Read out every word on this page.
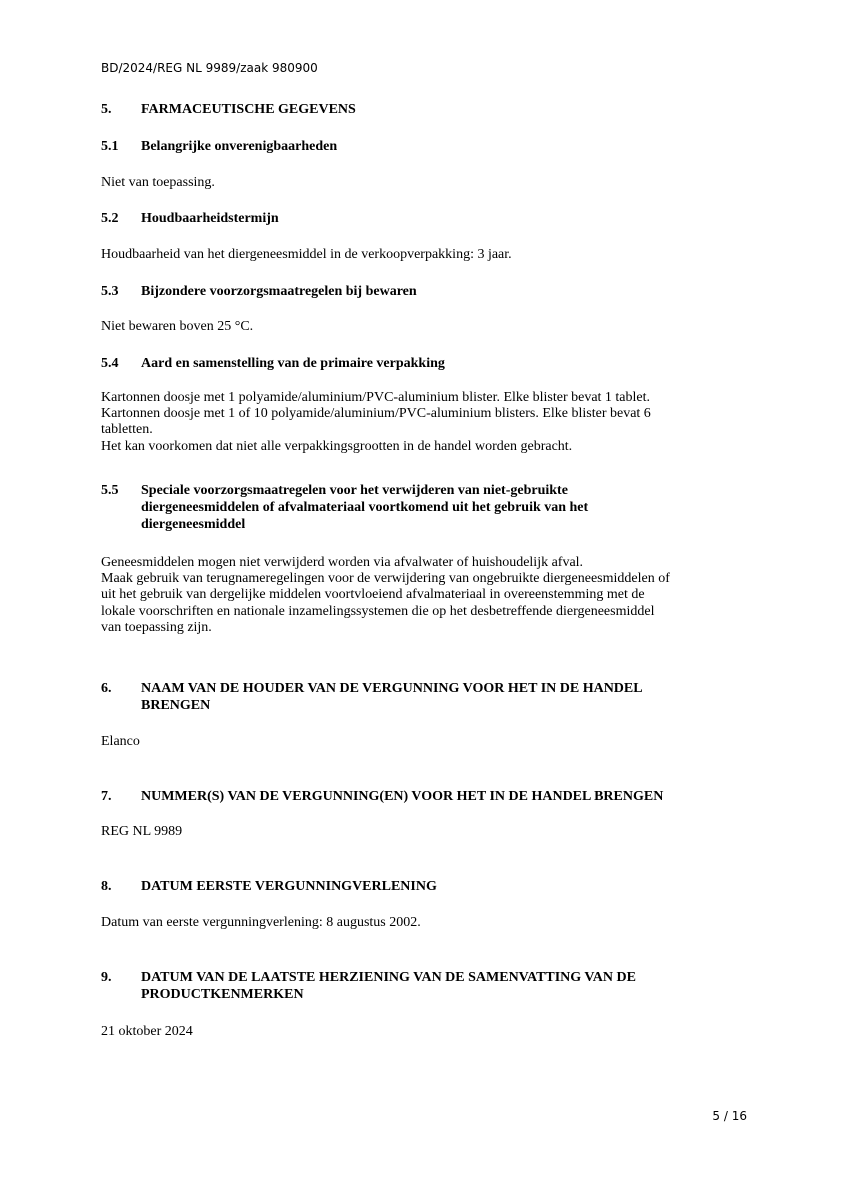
BD/2024/REG NL 9989/zaak 980900
5.	FARMACEUTISCHE GEGEVENS
5.1	Belangrijke onverenigbaarheden
Niet van toepassing.
5.2	Houdbaarheidstermijn
Houdbaarheid van het diergeneesmiddel in de verkoopverpakking: 3 jaar.
5.3	Bijzondere voorzorgsmaatregelen bij bewaren
Niet bewaren boven 25 °C.
5.4	Aard en samenstelling van de primaire verpakking
Kartonnen doosje met 1 polyamide/aluminium/PVC-aluminium blister. Elke blister bevat 1 tablet.
Kartonnen doosje met 1 of 10 polyamide/aluminium/PVC-aluminium blisters. Elke blister bevat 6
tabletten.
Het kan voorkomen dat niet alle verpakkingsgrootten in de handel worden gebracht.
5.5	Speciale voorzorgsmaatregelen voor het verwijderen van niet-gebruikte
diergeneesmiddelen of afvalmateriaal voortkomend uit het gebruik van het
diergeneesmiddel
Geneesmiddelen mogen niet verwijderd worden via afvalwater of huishoudelijk afval.
Maak gebruik van terugnameregelingen voor de verwijdering van ongebruikte diergeneesmiddelen of
uit het gebruik van dergelijke middelen voortvloeiend afvalmateriaal in overeenstemming met de
lokale voorschriften en nationale inzamelingssystemen die op het desbetreffende diergeneesmiddel
van toepassing zijn.
6.	NAAM VAN DE HOUDER VAN DE VERGUNNING VOOR HET IN DE HANDEL
BRENGEN
Elanco
7.	NUMMER(S) VAN DE VERGUNNING(EN) VOOR HET IN DE HANDEL BRENGEN
REG NL 9989
8.	DATUM EERSTE VERGUNNINGVERLENING
Datum van eerste vergunningverlening: 8 augustus 2002.
9.	DATUM VAN DE LAATSTE HERZIENING VAN DE SAMENVATTING VAN DE
PRODUCTKENMERKEN
21 oktober 2024
5 / 16
